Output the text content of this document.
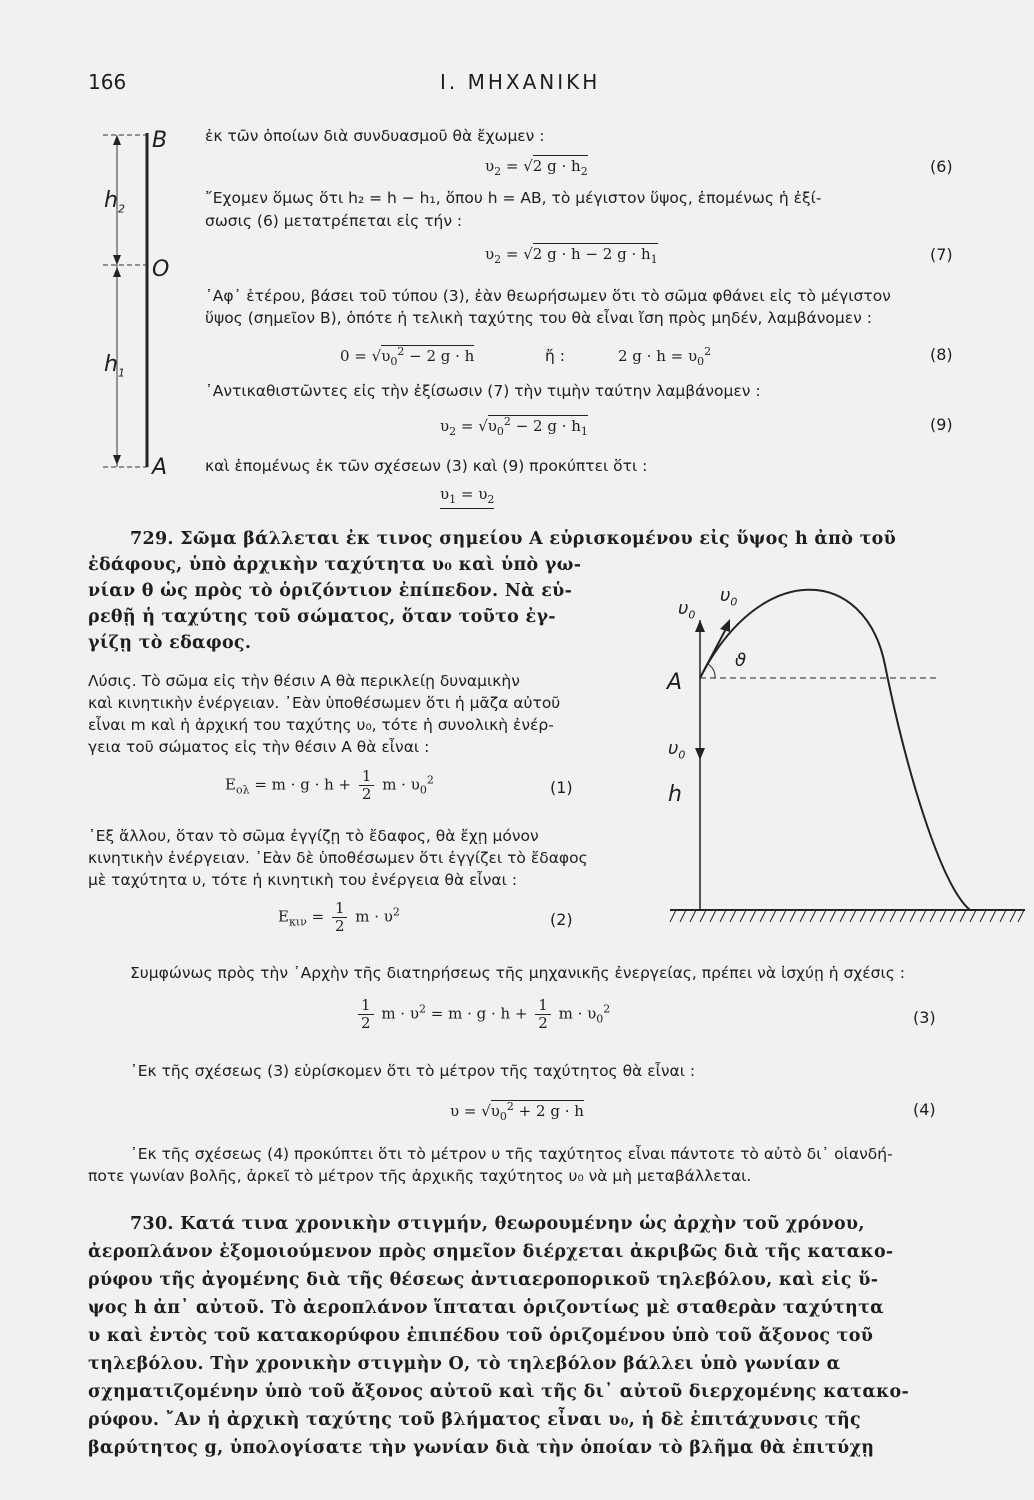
166	I. ΜΗΧΑΝΙΚΗ
B
$h_2$
O
$h_1$
A
ἐκ τῶν ὁποίων διὰ συνδυασμοῦ θὰ ἔχωμεν :
$\upsilon_2 = √2$ $g \cdot h_2$	(6)
῎Εχομεν ὅμως ὅτι h₂ = h − h₁, ὅπου h = AB, τὸ μέγιστον ὕψος, ἑπομένως ἡ ἐξί-
σωσις (6) μετατρέπεται εἰς τήν :
$\upsilon_2 = √2$ g · h − 2 $g \cdot h_1$	(7)
᾿Αφ᾿ ἑτέρου, βάσει τοῦ τύπου (3), ἐὰν θεωρήσωμεν ὅτι τὸ σῶμα φθάνει εἰς τὸ μέγιστον
ὕψος (σημεῖον B), ὁπότε ἡ τελικὴ ταχύτης του θὰ εἶναι ἴση πρὸς μηδέν, λαμβάνομεν :
$0 = √\upsilon_0^2 - 2$ g · h	ἤ :	2 $g \cdot h = \upsilon_0^2$	(8)
᾿Αντικαθιστῶντες εἰς τὴν ἐξίσωσιν (7) τὴν τιμὴν ταύτην λαμβάνομεν :
$\upsilon_2 = √\upsilon_0^2 - 2$ $g \cdot h_1$	(9)
καὶ ἑπομένως ἐκ τῶν σχέσεων (3) καὶ (9) προκύπτει ὅτι :
$\upsilon_1 = \upsilon_2$
729. Σῶμα βάλλεται ἐκ τινος σημείου Α εὑρισκομένου εἰς ὕψος h ἀπὸ τοῦ
ἐδάφους, ὑπὸ ἀρχικὴν ταχύτητα υ₀ καὶ ὑπὸ γω-
νίαν θ ὡς πρὸς τὸ ὁριζόντιον ἐπίπεδον. Νὰ εὑ-
ρεθῇ ἡ ταχύτης τοῦ σώματος, ὅταν τοῦτο ἐγ-
γίζῃ τὸ εδαφος.
Λύσις. Τὸ σῶμα εἰς τὴν θέσιν Α θὰ περικλείῃ δυναμικὴν
καὶ κινητικὴν ἐνέργειαν. ᾿Εὰν ὑποθέσωμεν ὅτι ἡ μᾶζα αὐτοῦ
εἶναι m καὶ ἡ ἀρχική του ταχύτης υ₀, τότε ἡ συνολικὴ ἐνέρ-
γεια τοῦ σώματος εἰς τὴν θέσιν Α θὰ εἶναι :
$E_{o\lambda} = m \cdot g \cdot h + \frac{1}{2}$ $m \cdot \upsilon_0^2$	(1)
᾿Εξ ἄλλου, ὅταν τὸ σῶμα ἐγγίζῃ τὸ ἔδαφος, θὰ ἔχῃ μόνον
κινητικὴν ἐνέργειαν. ᾿Εὰν δὲ ὑποθέσωμεν ὅτι ἐγγίζει τὸ ἔδαφος
μὲ ταχύτητα υ, τότε ἡ κινητικὴ του ἐνέργεια θὰ εἶναι :
$E_{\kappa\iota\nu} = \frac{1}{2}$ $m \cdot \upsilon^2$	(2)
$\upsilon_0$
$\upsilon_0$
ϑ
A
$\upsilon_0$
h
Συμφώνως πρὸς τὴν ᾿Αρχὴν τῆς διατηρήσεως τῆς μηχανικῆς ἐνεργείας, πρέπει νὰ ἰσχύῃ ἡ σχέσις :
$\frac{1}{2}$ $m \cdot \upsilon^2 = m \cdot g \cdot h + \frac{1}{2}$ $m \cdot \upsilon_0^2$	(3)
᾿Εκ τῆς σχέσεως (3) εὑρίσκομεν ὅτι τὸ μέτρον τῆς ταχύτητος θὰ εἶναι :
$\upsilon = √\upsilon_0^2 + 2$ g · h	(4)
᾿Εκ τῆς σχέσεως (4) προκύπτει ὅτι τὸ μέτρον υ τῆς ταχύτητος εἶναι πάντοτε τὸ αὐτὸ δι᾿ οἱανδή-
ποτε γωνίαν βολῆς, ἀρκεῖ τὸ μέτρον τῆς ἀρχικῆς ταχύτητος υ₀ νὰ μὴ μεταβάλλεται.
730. Κατά τινα χρονικὴν στιγμήν, θεωρουμένην ὡς ἀρχὴν τοῦ χρόνου,
ἀεροπλάνον ἐξομοιούμενον πρὸς σημεῖον διέρχεται ἀκριβῶς διὰ τῆς κατακο-
ρύφου τῆς ἀγομένης διὰ τῆς θέσεως ἀντιαεροπορικοῦ τηλεβόλου, καὶ εἰς ὕ-
ψος h ἀπ᾿ αὐτοῦ. Τὸ ἀεροπλάνον ἵπταται ὁριζοντίως μὲ σταθερὰν ταχύτητα
υ καὶ ἐντὸς τοῦ κατακορύφου ἐπιπέδου τοῦ ὁριζομένου ὑπὸ τοῦ ἄξονος τοῦ
τηλεβόλου. Τὴν χρονικὴν στιγμὴν Ο, τὸ τηλεβόλον βάλλει ὑπὸ γωνίαν α
σχηματιζομένην ὑπὸ τοῦ ἄξονος αὐτοῦ καὶ τῆς δι᾿ αὐτοῦ διερχομένης κατακο-
ρύφου. ῎Αν ἡ ἀρχικὴ ταχύτης τοῦ βλήματος εἶναι υ₀, ἡ δὲ ἐπιτάχυνσις τῆς
βαρύτητος g, ὑπολογίσατε τὴν γωνίαν διὰ τὴν ὁποίαν τὸ βλῆμα θὰ ἐπιτύχῃ
